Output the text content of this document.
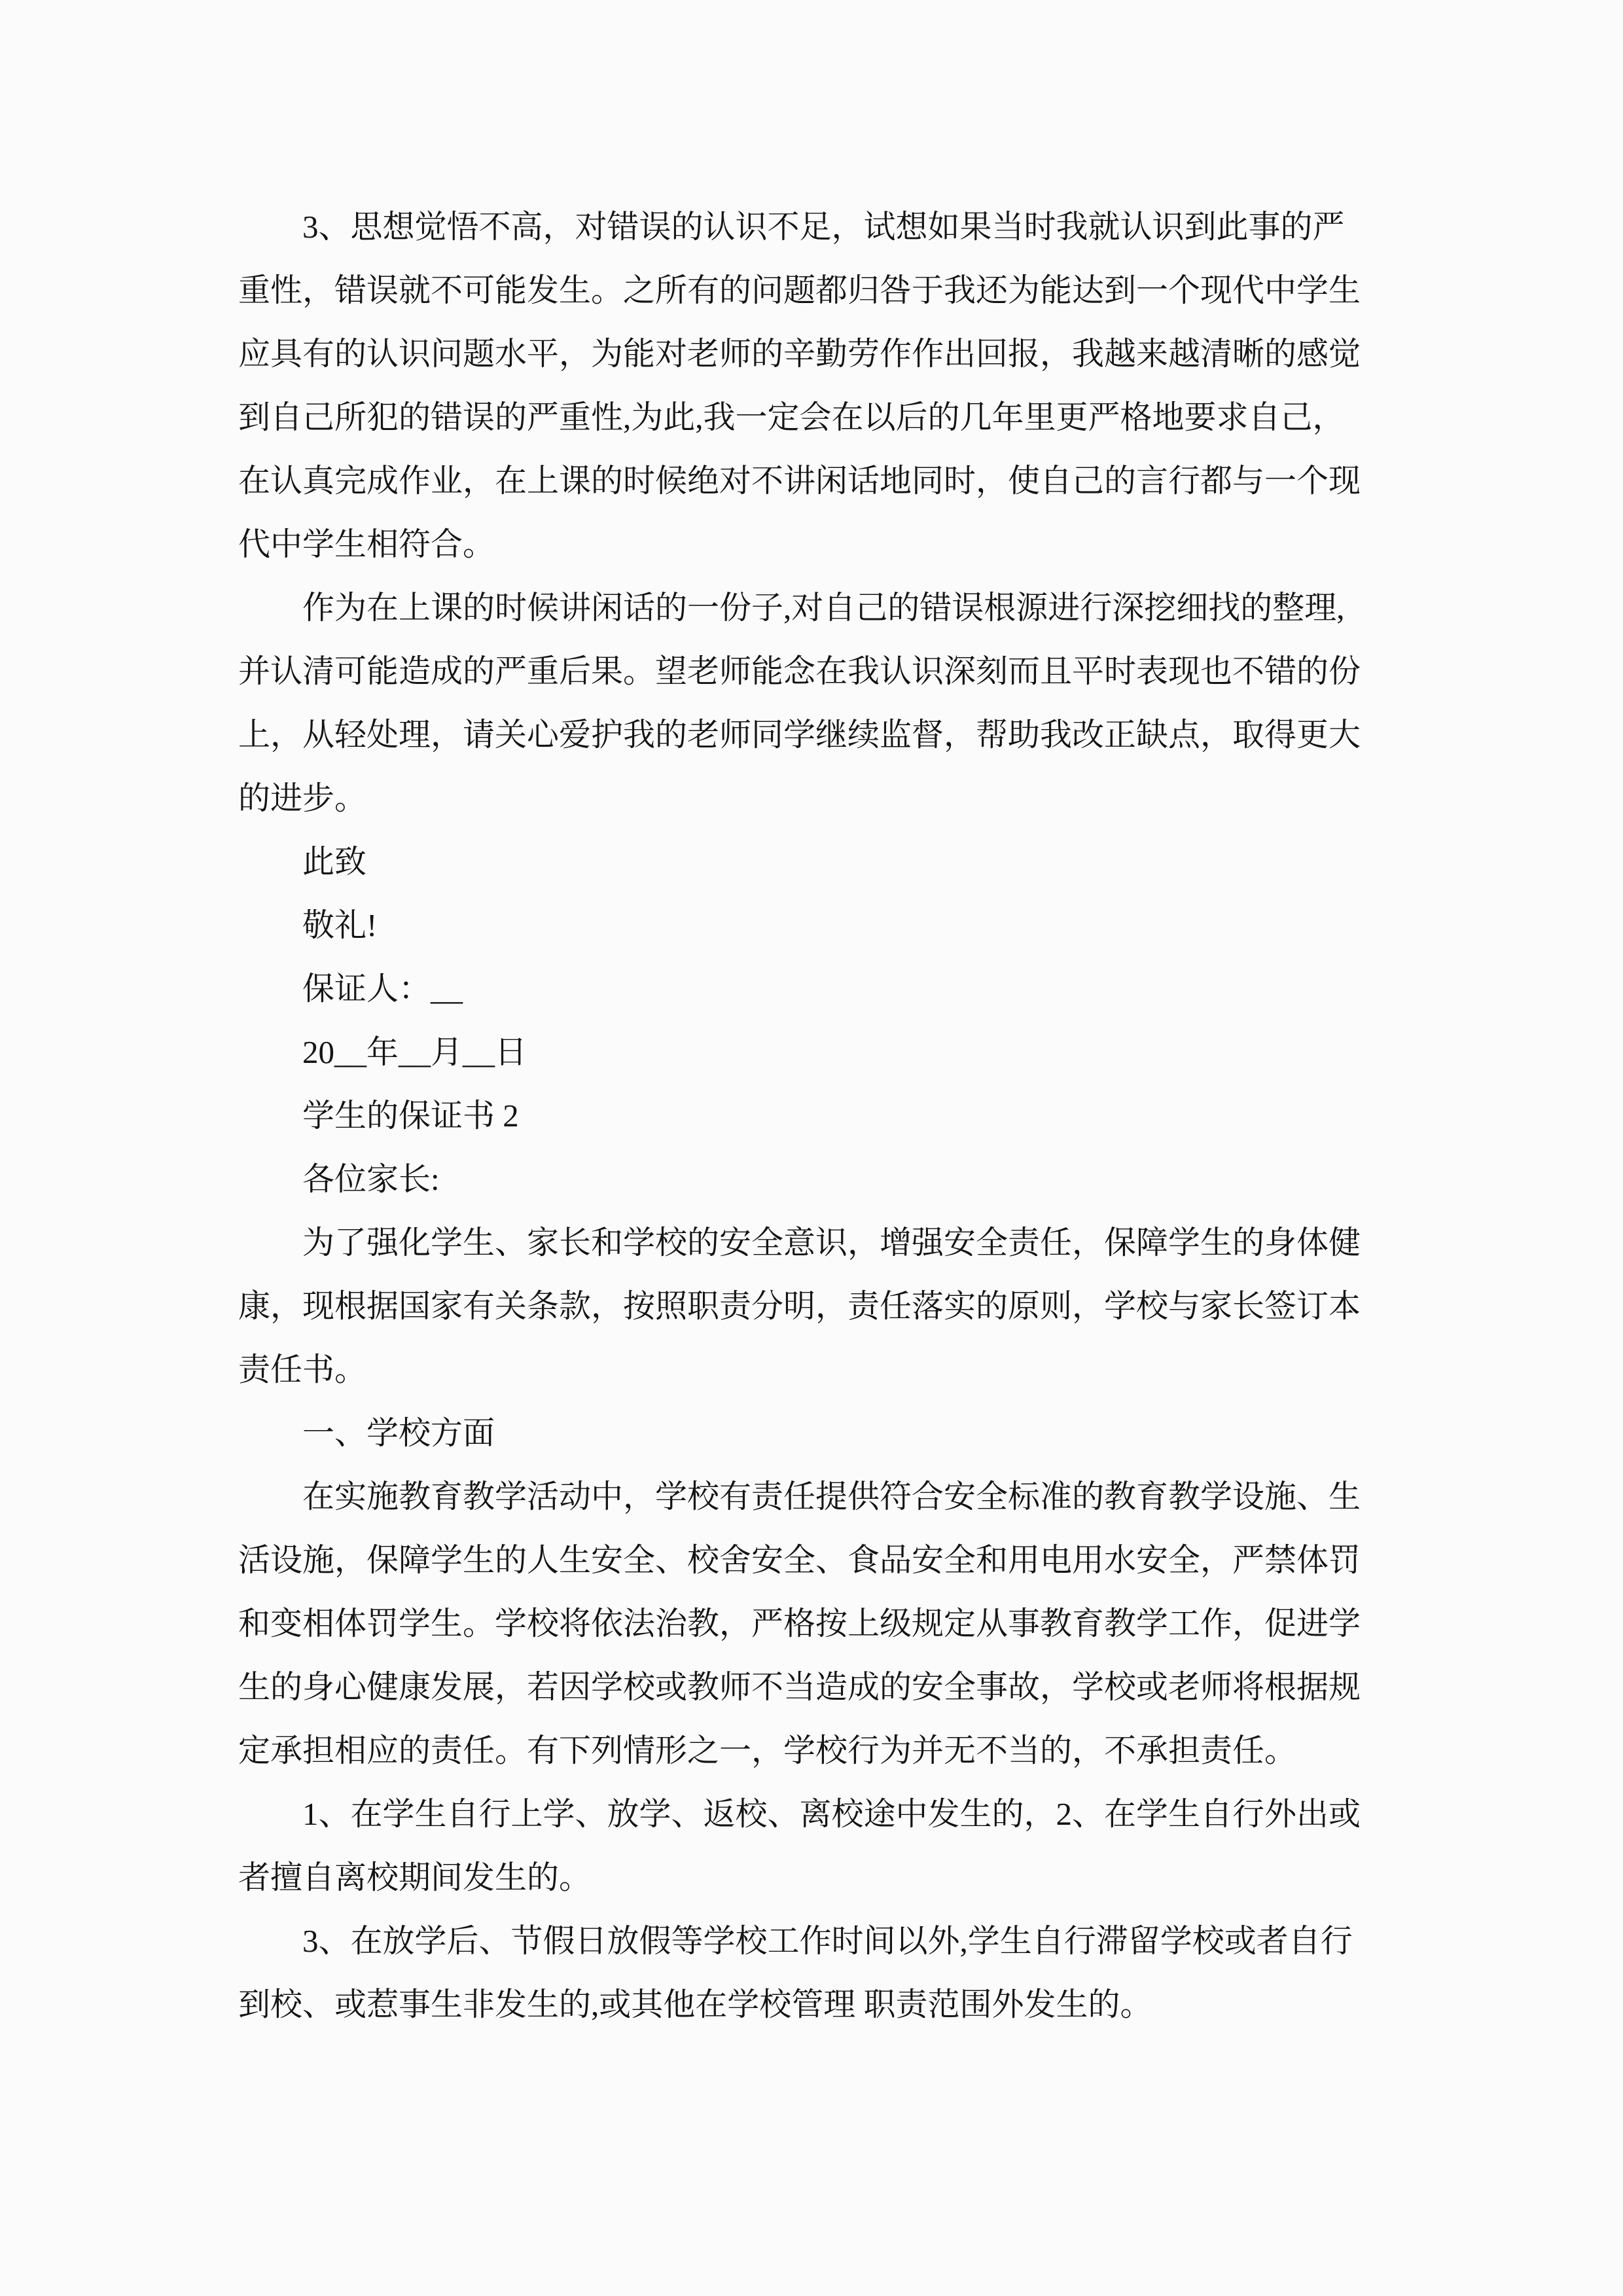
3、思想觉悟不高，对错误的认识不足，试想如果当时我就认识到此事的严
重性，错误就不可能发生。之所有的问题都归咎于我还为能达到一个现代中学生
应具有的认识问题水平，为能对老师的辛勤劳作作出回报，我越来越清晰的感觉
到自己所犯的错误的严重性,为此,我一定会在以后的几年里更严格地要求自己，
在认真完成作业，在上课的时候绝对不讲闲话地同时，使自己的言行都与一个现
代中学生相符合。
作为在上课的时候讲闲话的一份子,对自己的错误根源进行深挖细找的整理,
并认清可能造成的严重后果。望老师能念在我认识深刻而且平时表现也不错的份
上，从轻处理，请关心爱护我的老师同学继续监督，帮助我改正缺点，取得更大
的进步。
此致
敬礼!
保证人：__
20__年__月__日
学生的保证书 2
各位家长:
为了强化学生、家长和学校的安全意识，增强安全责任，保障学生的身体健
康，现根据国家有关条款，按照职责分明，责任落实的原则，学校与家长签订本
责任书。
一、学校方面
在实施教育教学活动中，学校有责任提供符合安全标准的教育教学设施、生
活设施，保障学生的人生安全、校舍安全、食品安全和用电用水安全，严禁体罚
和变相体罚学生。学校将依法治教，严格按上级规定从事教育教学工作，促进学
生的身心健康发展，若因学校或教师不当造成的安全事故，学校或老师将根据规
定承担相应的责任。有下列情形之一，学校行为并无不当的，不承担责任。
1、在学生自行上学、放学、返校、离校途中发生的，2、在学生自行外出或
者擅自离校期间发生的。
3、在放学后、节假日放假等学校工作时间以外,学生自行滞留学校或者自行
到校、或惹事生非发生的,或其他在学校管理 职责范围外发生的。
